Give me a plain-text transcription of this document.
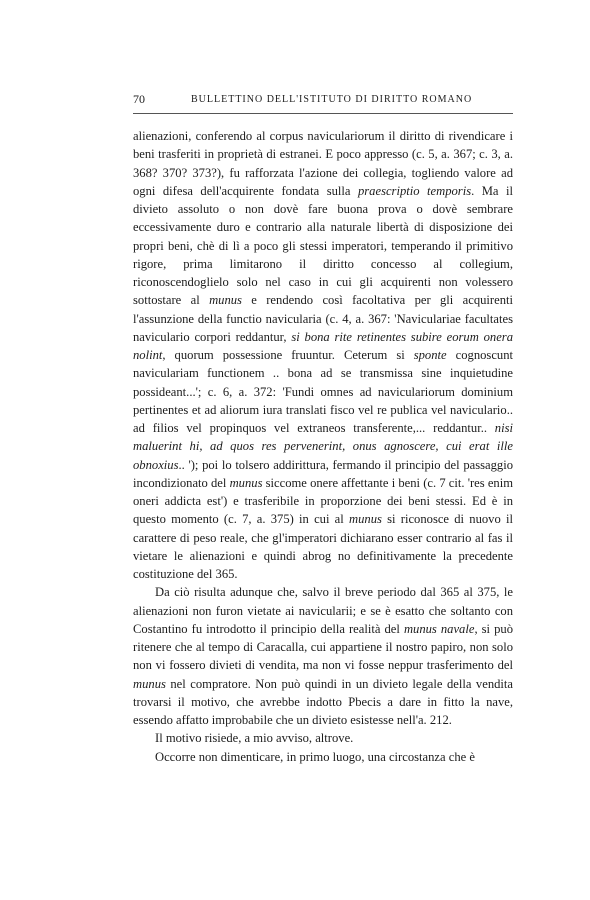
70	BULLETTINO DELL'ISTITUTO DI DIRITTO ROMANO

alienazioni, conferendo al corpus naviculariorum il diritto di rivendicare i beni trasferiti in proprietà di estranei. E poco appresso (c. 5, a. 367; c. 3, a. 368? 370? 373?), fu rafforzata l'azione dei collegia, togliendo valore ad ogni difesa dell'acquirente fondata sulla praescriptio temporis. Ma il divieto assoluto o non dovè fare buona prova o dovè sembrare eccessivamente duro e contrario alla naturale libertà di disposizione dei propri beni, chè di lì a poco gli stessi imperatori, temperando il primitivo rigore, prima limitarono il diritto concesso al collegium, riconoscendoglielo solo nel caso in cui gli acquirenti non volessero sottostare al munus e rendendo così facoltativa per gli acquirenti l'assunzione della functio navicularia (c. 4, a. 367: 'Naviculariae facultates naviculario corpori reddantur, si bona rite retinentes subire eorum onera nolint, quorum possessione fruuntur. Ceterum si sponte cognoscunt naviculariam functionem .. bona ad se transmissa sine inquietudine possideant...'; c. 6, a. 372: 'Fundi omnes ad naviculariorum dominium pertinentes et ad aliorum iura translati fisco vel re publica vel naviculario.. ad filios vel propinquos vel extraneos transferente,... reddantur.. nisi maluerint hi, ad quos res pervenerint, onus agnoscere, cui erat ille obnoxius.. '); poi lo tolsero addirittura, fermando il principio del passaggio incondizionato del munus siccome onere affettante i beni (c. 7 cit. 'res enim oneri addicta est') e trasferibile in proporzione dei beni stessi. Ed è in questo momento (c. 7, a. 375) in cui al munus si riconosce di nuovo il carattere di peso reale, che gl'imperatori dichiarano esser contrario al fas il vietare le alienazioni e quindi abrog no definitivamente la precedente costituzione del 365.

Da ciò risulta adunque che, salvo il breve periodo dal 365 al 375, le alienazioni non furon vietate ai navicularii; e se è esatto che soltanto con Costantino fu introdotto il principio della realità del munus navale, si può ritenere che al tempo di Caracalla, cui appartiene il nostro papiro, non solo non vi fossero divieti di vendita, ma non vi fosse neppur trasferimento del munus nel compratore. Non può quindi in un divieto legale della vendita trovarsi il motivo, che avrebbe indotto Pbecis a dare in fitto la nave, essendo affatto improbabile che un divieto esistesse nell'a. 212.

Il motivo risiede, a mio avviso, altrove.

Occorre non dimenticare, in primo luogo, una circostanza che è
